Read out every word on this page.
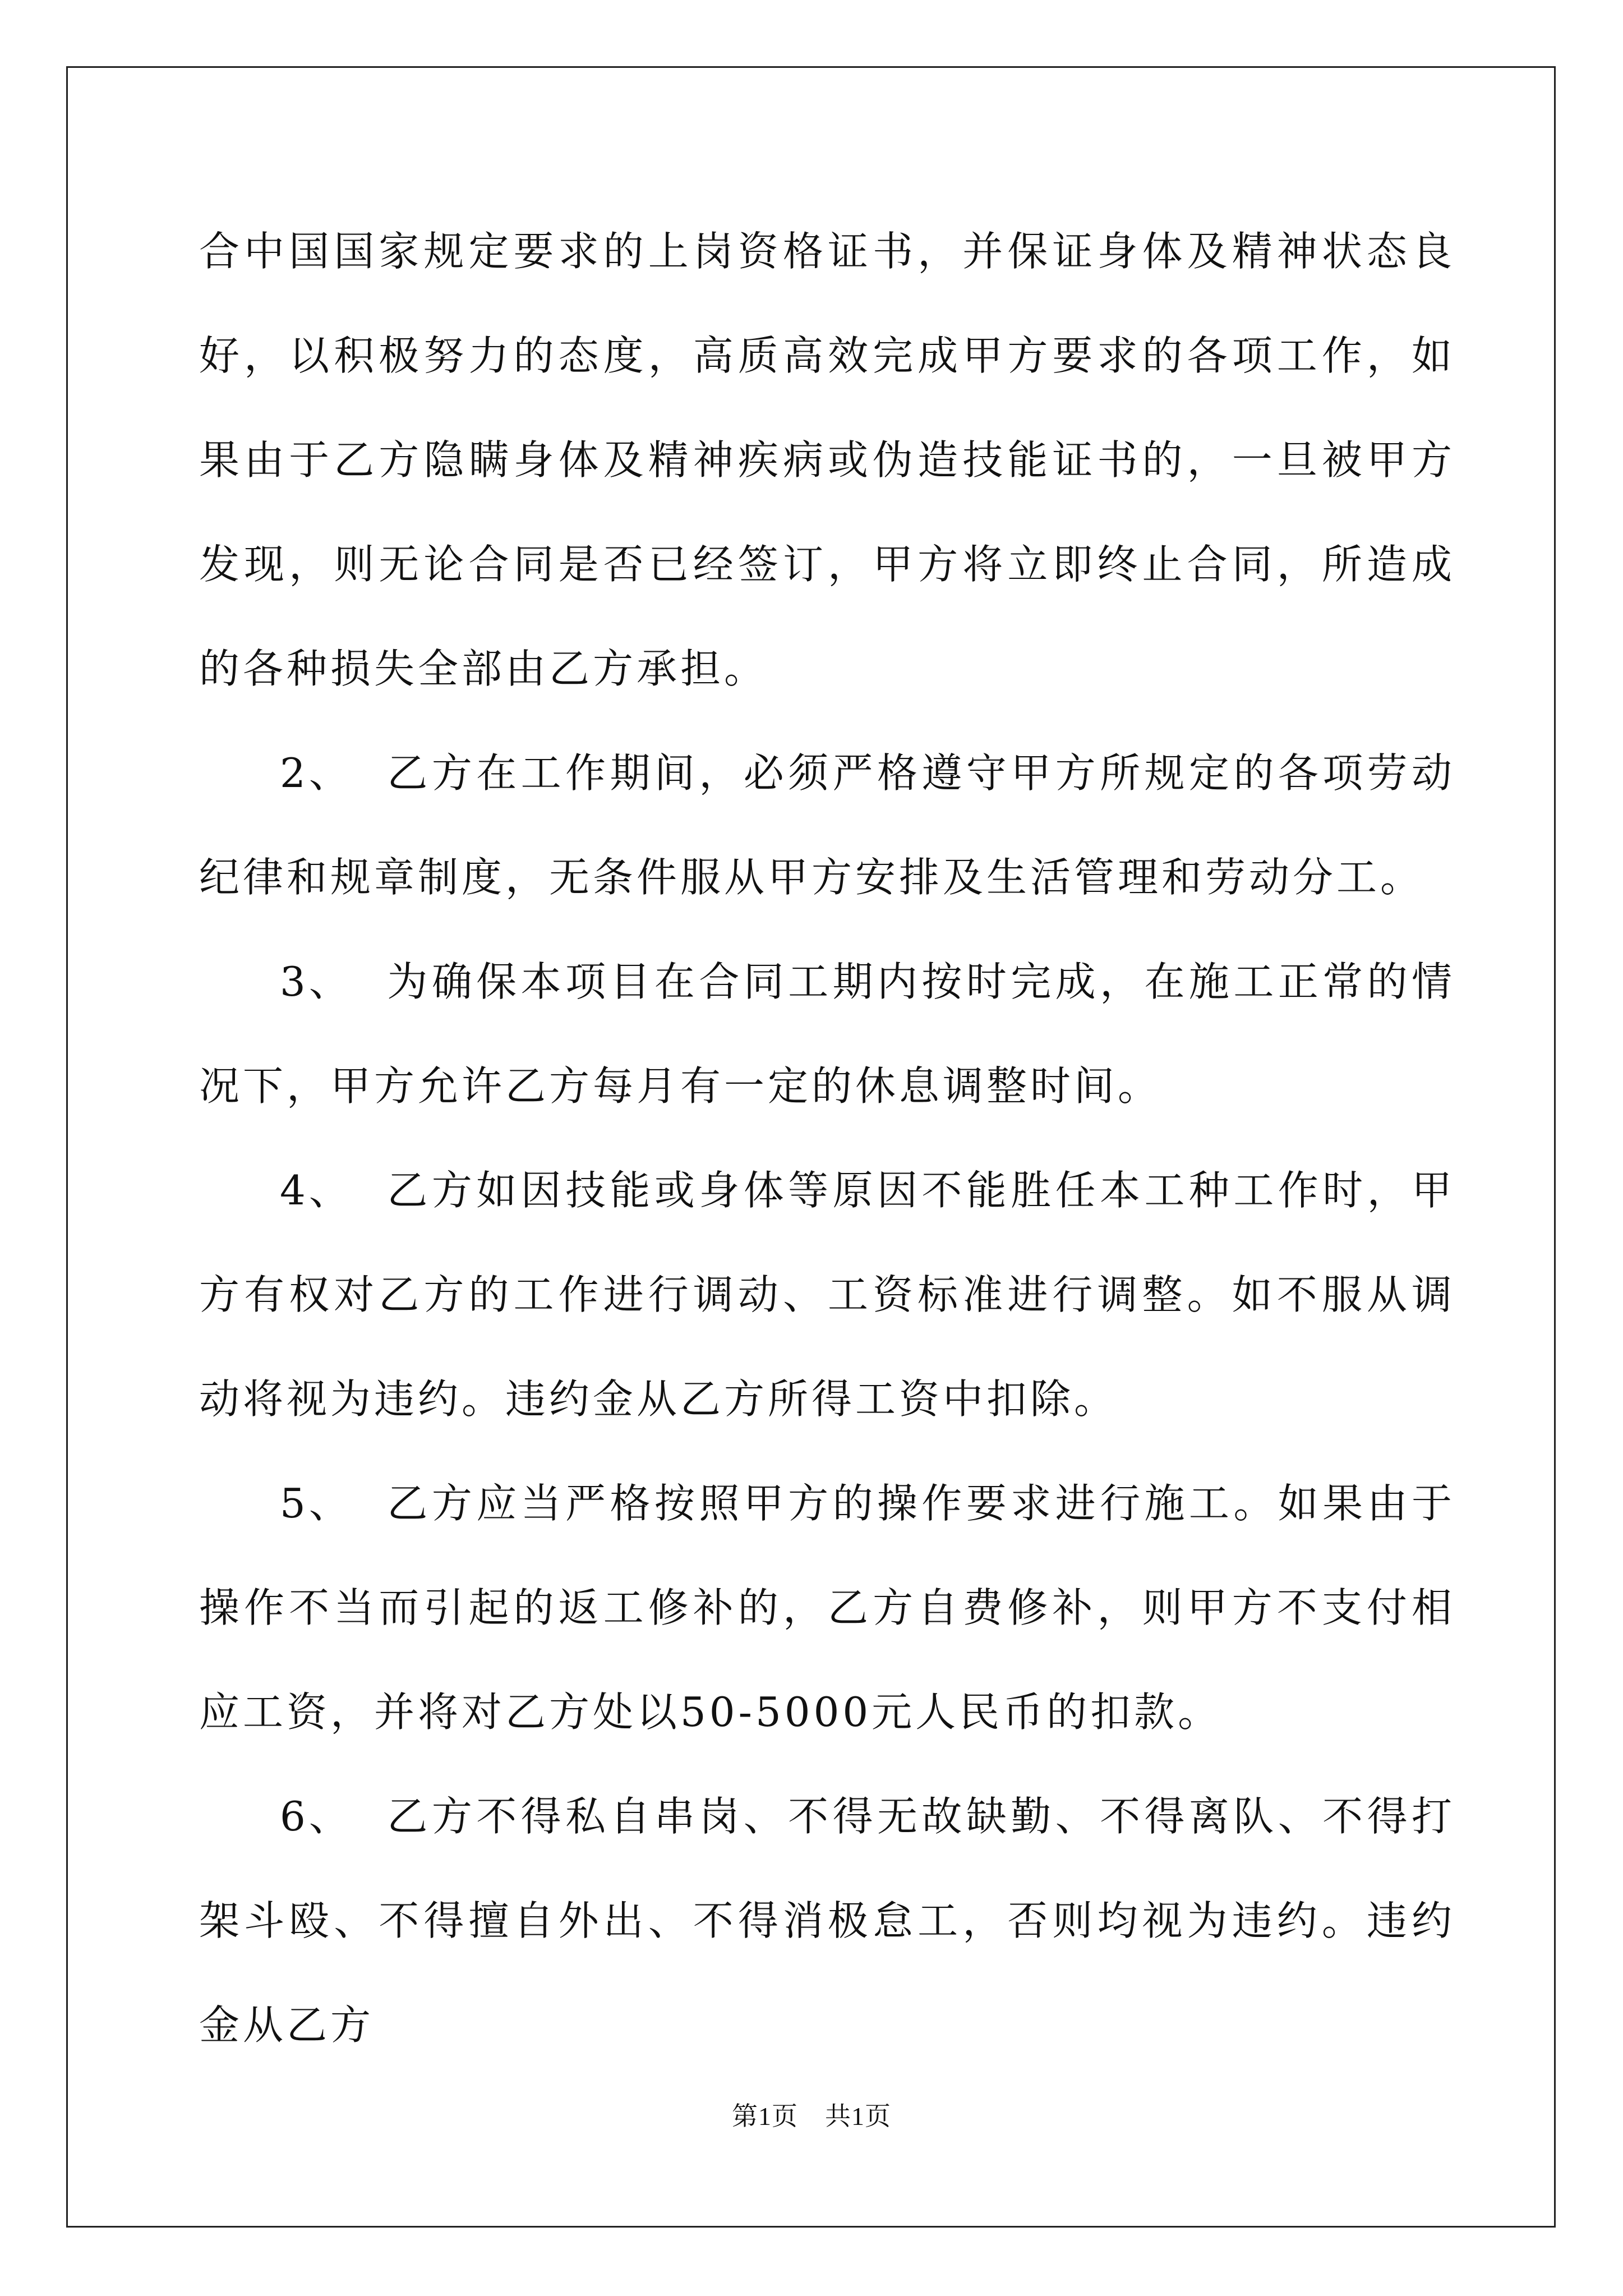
合中国国家规定要求的上岗资格证书，并保证身体及精神状态良好，以积极努力的态度，高质高效完成甲方要求的各项工作，如果由于乙方隐瞒身体及精神疾病或伪造技能证书的，一旦被甲方发现，则无论合同是否已经签订，甲方将立即终止合同，所造成的各种损失全部由乙方承担。

2、 乙方在工作期间，必须严格遵守甲方所规定的各项劳动纪律和规章制度，无条件服从甲方安排及生活管理和劳动分工。

3、 为确保本项目在合同工期内按时完成，在施工正常的情况下，甲方允许乙方每月有一定的休息调整时间。

4、 乙方如因技能或身体等原因不能胜任本工种工作时，甲方有权对乙方的工作进行调动、工资标准进行调整。如不服从调动将视为违约。违约金从乙方所得工资中扣除。

5、 乙方应当严格按照甲方的操作要求进行施工。如果由于操作不当而引起的返工修补的，乙方自费修补，则甲方不支付相应工资，并将对乙方处以50-5000元人民币的扣款。

6、 乙方不得私自串岗、不得无故缺勤、不得离队、不得打架斗殴、不得擅自外出、不得消极怠工，否则均视为违约。违约金从乙方

第1页 共1页
